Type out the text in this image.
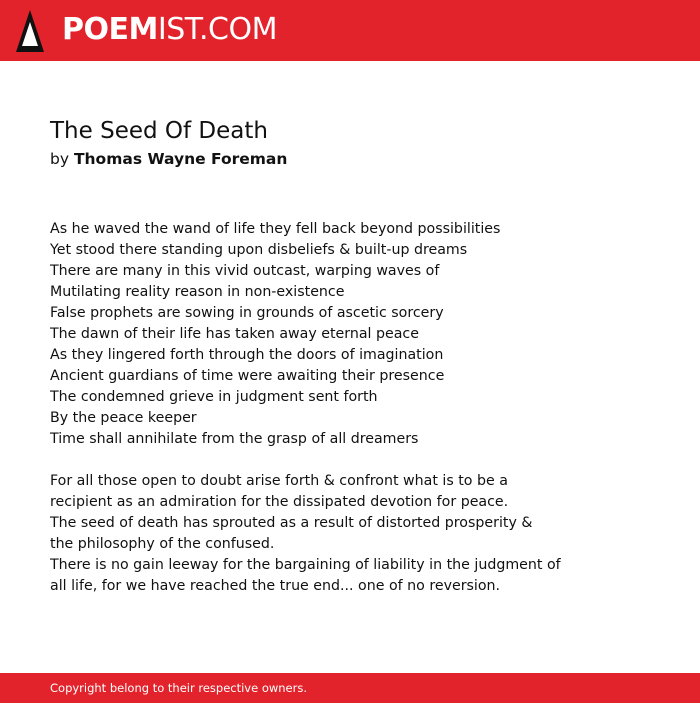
POEMIST.COM
The Seed Of Death
by Thomas Wayne Foreman
As he waved the wand of life they fell back beyond possibilities
Yet stood there standing upon disbeliefs & built-up dreams
There are many in this vivid outcast, warping waves of
Mutilating reality reason in non-existence
False prophets are sowing in grounds of ascetic sorcery
The dawn of their life has taken away eternal peace
As they lingered forth through the doors of imagination
Ancient guardians of time were awaiting their presence
The condemned grieve in judgment sent forth
By the peace keeper
Time shall annihilate from the grasp of all dreamers
For all those open to doubt arise forth & confront what is to be a
recipient as an admiration for the dissipated devotion for peace.
The seed of death has sprouted as a result of distorted prosperity &
the philosophy of the confused.
There is no gain leeway for the bargaining of liability in the judgment of
all life, for we have reached the true end... one of no reversion.
Copyright belong to their respective owners.
